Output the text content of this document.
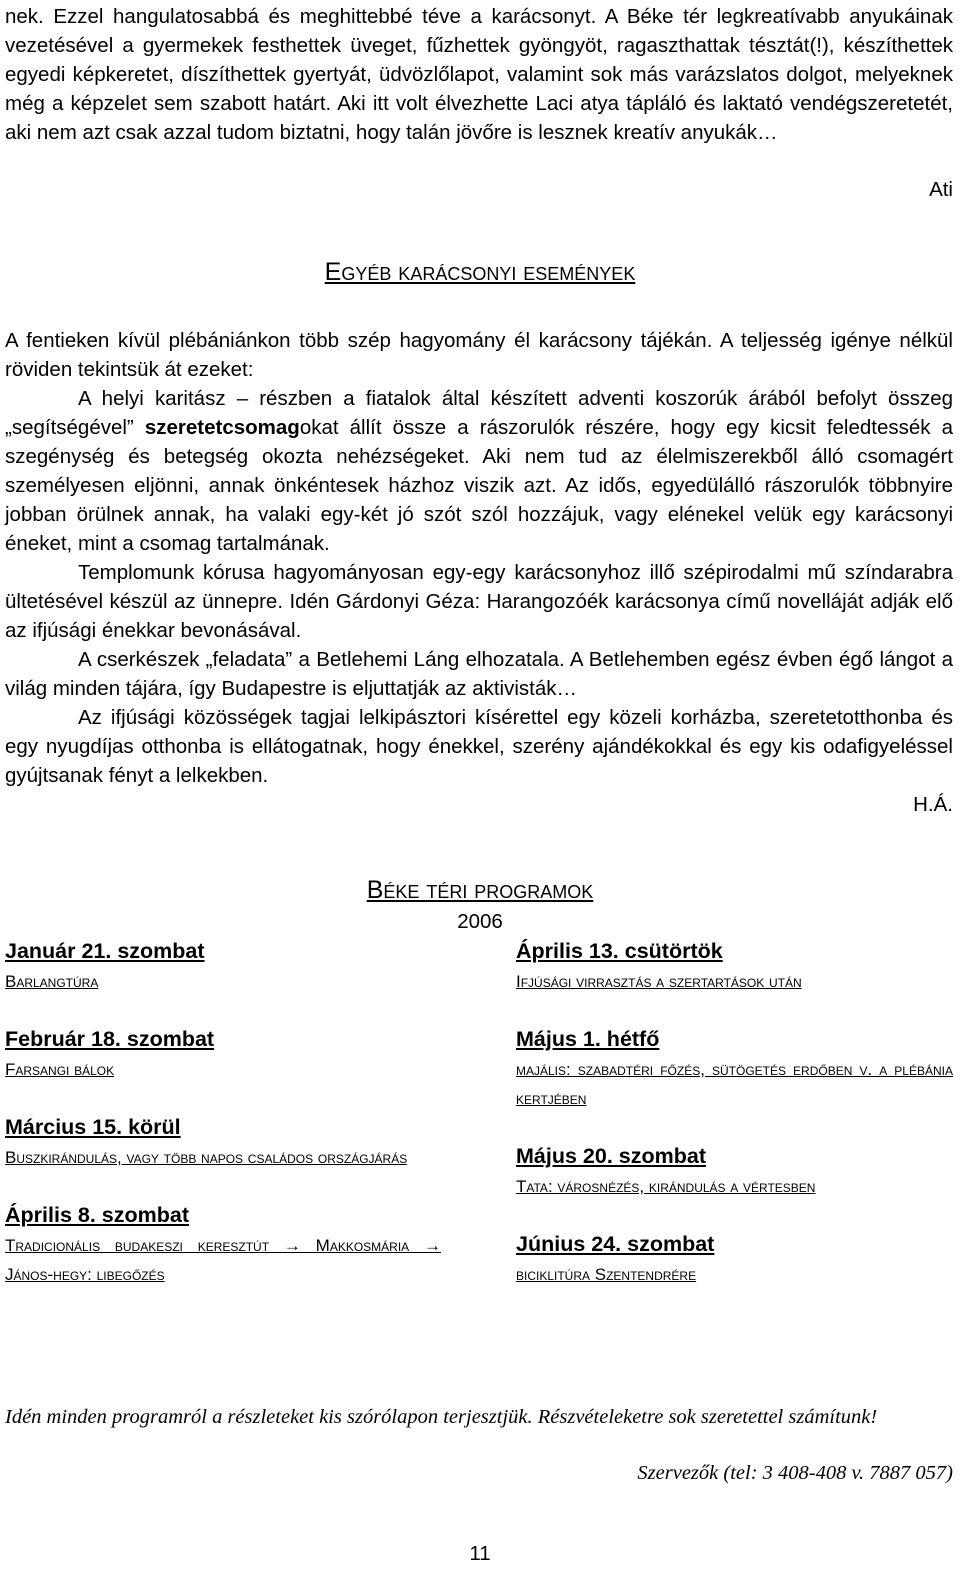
nek. Ezzel hangulatosabbá és meghittebbé téve a karácsonyt. A Béke tér legkreatívabb anyukáinak vezetésével a gyermekek festhettek üveget, fűzhettek gyöngyöt, ragaszthattak tésztát(!), készíthettek egyedi képkeretet, díszíthettek gyertyát, üdvözlőlapot, valamint sok más varázslatos dolgot, melyeknek még a képzelet sem szabott határt. Aki itt volt élvezhette Laci atya tápláló és laktató vendégszeretetét, aki nem azt csak azzal tudom biztatni, hogy talán jövőre is lesznek kreatív anyukák…

Ati

Egyéb karácsonyi események

A fentieken kívül plébániánkon több szép hagyomány él karácsony tájékán. A teljesség igénye nélkül röviden tekintsük át ezeket:

A helyi karitász – részben a fiatalok által készített adventi koszorúk árából befolyt összeg „segítségével” szeretetcsomagokat állít össze a rászorulók részére, hogy egy kicsit feledtessék a szegénység és betegség okozta nehézségeket. Aki nem tud az élelmiszerekből álló csomagért személyesen eljönni, annak önkéntesek házhoz viszik azt. Az idős, egyedülálló rászorulók többnyire jobban örülnek annak, ha valaki egy-két jó szót szól hozzájuk, vagy elénekel velük egy karácsonyi éneket, mint a csomag tartalmának.

Templomunk kórusa hagyományosan egy-egy karácsonyhoz illő szépirodalmi mű színdarabra ültetésével készül az ünnepre. Idén Gárdonyi Géza: Harangozóék karácsonya című novelláját adják elő az ifjúsági énekkar bevonásával.

A cserkészek „feladata” a Betlehemi Láng elhozatala. A Betlehemben egész évben égő lángot a világ minden tájára, így Budapestre is eljuttatják az aktivisták…

Az ifjúsági közösségek tagjai lelkipásztori kísérettel egy közeli korházba, szeretetotthonba és egy nyugdíjas otthonba is ellátogatnak, hogy énekkel, szerény ajándékokkal és egy kis odafigyeléssel gyújtsanak fényt a lelkekben.

H.Á.

Béke téri programok
2006
Január 21. szombat
Barlangtúra
Február 18. szombat
Farsangi bálok
Március 15. körül
Buszkirándulás, vagy több napos családos országjárás
Április 8. szombat
Tradicionális budakeszi keresztút → Makkosmária → János-hegy: libegőzés
Április 13. csütörtök
Ifjúsági virrasztás a szertartások után
Május 1. hétfő
majális: szabadtéri főzés, sütögetés erdőben v. a plébánia kertjében
Május 20. szombat
Tata: városnézés, kirándulás a vértesben
Június 24. szombat
biciklitúra Szentendrére
Idén minden programról a részleteket kis szórólapon terjesztjük. Részvételeketre sok szeretettel számítunk!
Szervezők (tel: 3 408-408 v. 7887 057)
11
